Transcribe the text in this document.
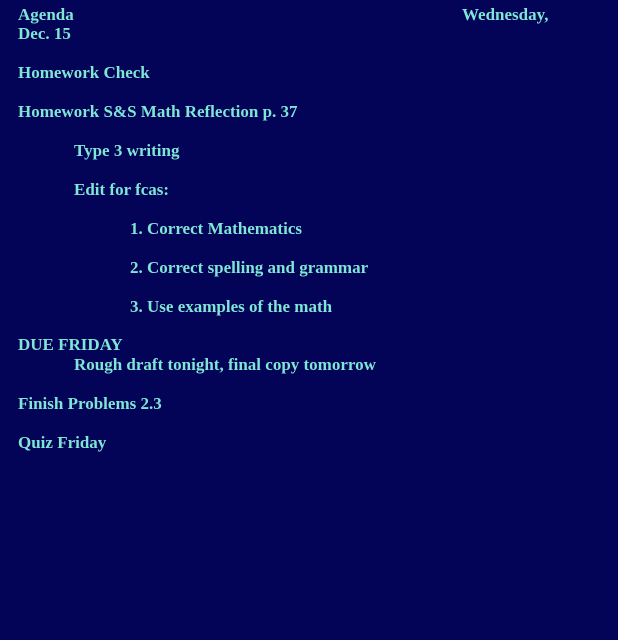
Agenda	Wednesday,
Dec. 15
Homework Check
Homework S&S Math Reflection p. 37
Type 3 writing
Edit for fcas:
1. Correct Mathematics
2. Correct spelling and grammar
3. Use examples of the math
DUE FRIDAY
Rough draft tonight, final copy tomorrow
Finish Problems 2.3
Quiz Friday
